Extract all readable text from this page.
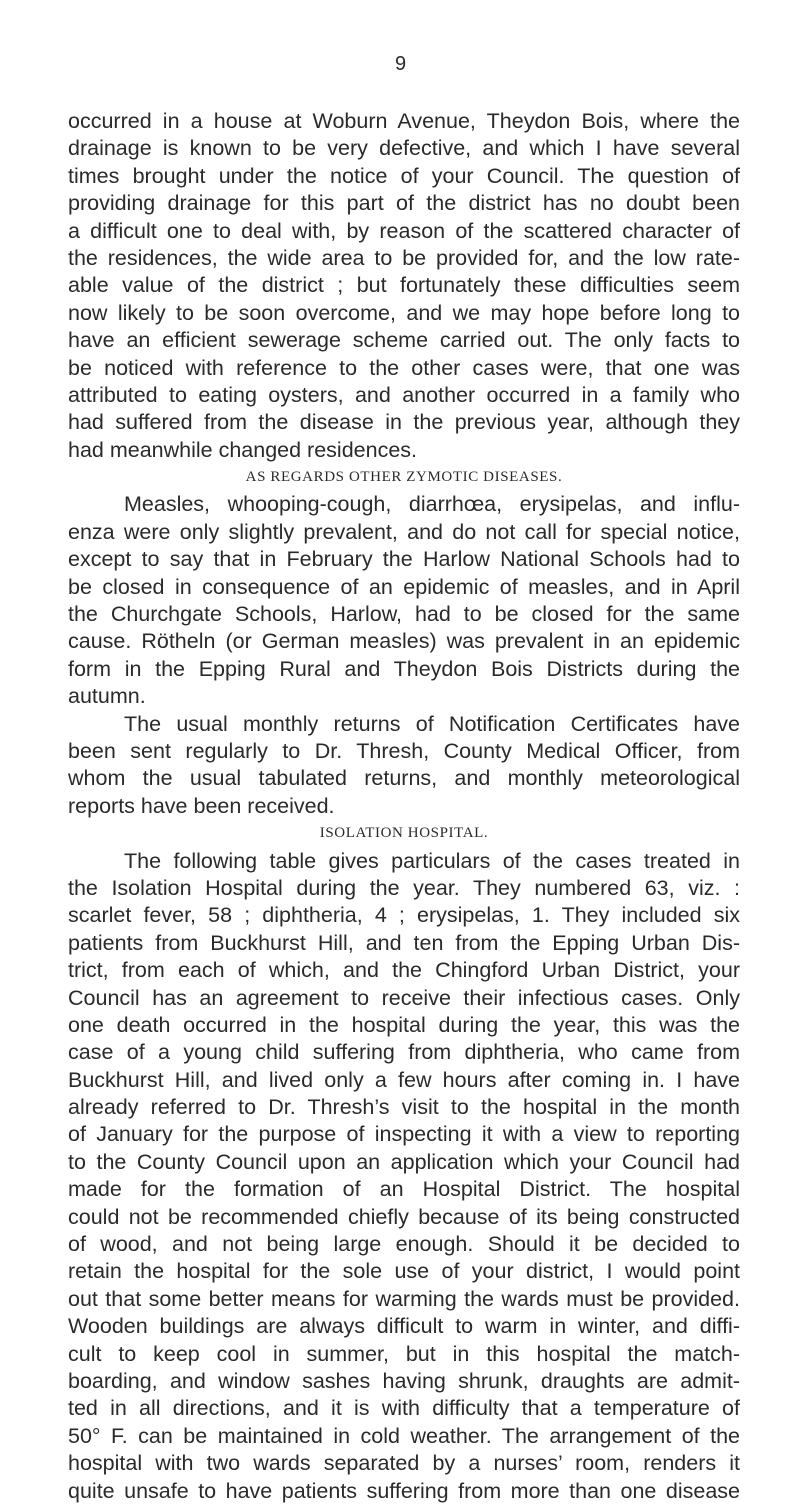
9
occurred in a house at Woburn Avenue, Theydon Bois, where the
drainage is known to be very defective, and which I have several
times brought under the notice of your Council. The question of
providing drainage for this part of the district has no doubt been
a difficult one to deal with, by reason of the scattered character of
the residences, the wide area to be provided for, and the low rate-
able value of the district ; but fortunately these difficulties seem
now likely to be soon overcome, and we may hope before long to
have an efficient sewerage scheme carried out. The only facts to
be noticed with reference to the other cases were, that one was
attributed to eating oysters, and another occurred in a family who
had suffered from the disease in the previous year, although they
had meanwhile changed residences.
AS REGARDS OTHER ZYMOTIC DISEASES.
Measles, whooping-cough, diarrhœa, erysipelas, and influ-
enza were only slightly prevalent, and do not call for special notice,
except to say that in February the Harlow National Schools had to
be closed in consequence of an epidemic of measles, and in April
the Churchgate Schools, Harlow, had to be closed for the same
cause. Rötheln (or German measles) was prevalent in an epidemic
form in the Epping Rural and Theydon Bois Districts during the
autumn.
The usual monthly returns of Notification Certificates have
been sent regularly to Dr. Thresh, County Medical Officer, from
whom the usual tabulated returns, and monthly meteorological
reports have been received.
ISOLATION HOSPITAL.
The following table gives particulars of the cases treated in
the Isolation Hospital during the year. They numbered 63, viz. :
scarlet fever, 58 ; diphtheria, 4 ; erysipelas, 1. They included six
patients from Buckhurst Hill, and ten from the Epping Urban Dis-
trict, from each of which, and the Chingford Urban District, your
Council has an agreement to receive their infectious cases. Only
one death occurred in the hospital during the year, this was the
case of a young child suffering from diphtheria, who came from
Buckhurst Hill, and lived only a few hours after coming in. I have
already referred to Dr. Thresh’s visit to the hospital in the month
of January for the purpose of inspecting it with a view to reporting
to the County Council upon an application which your Council had
made for the formation of an Hospital District. The hospital
could not be recommended chiefly because of its being constructed
of wood, and not being large enough. Should it be decided to
retain the hospital for the sole use of your district, I would point
out that some better means for warming the wards must be provided.
Wooden buildings are always difficult to warm in winter, and diffi-
cult to keep cool in summer, but in this hospital the match-
boarding, and window sashes having shrunk, draughts are admit-
ted in all directions, and it is with difficulty that a temperature of
50° F. can be maintained in cold weather. The arrangement of the
hospital with two wards separated by a nurses’ room, renders it
quite unsafe to have patients suffering from more than one disease
